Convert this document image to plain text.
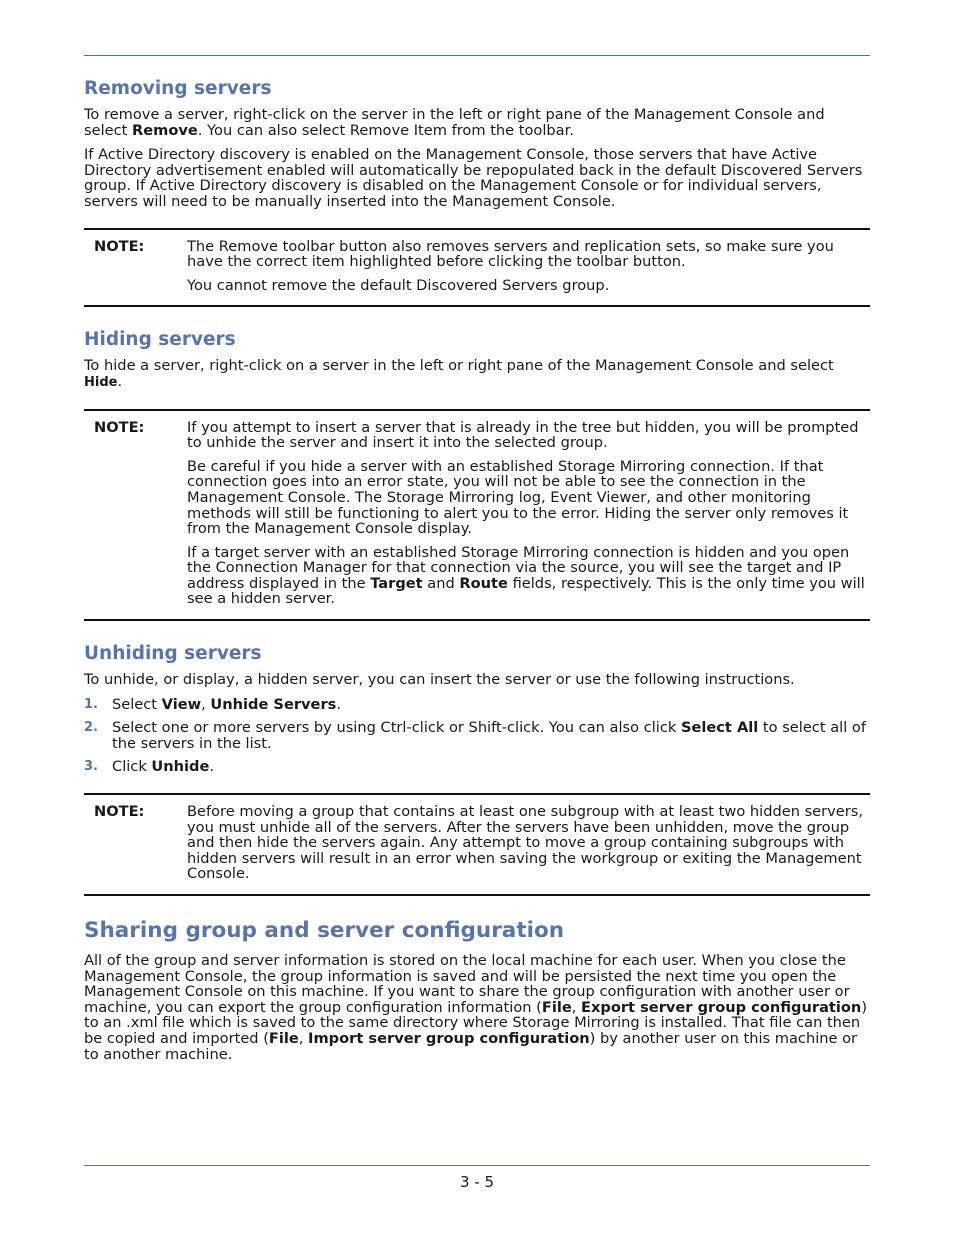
Removing servers

To remove a server, right-click on the server in the left or right pane of the Management Console and select Remove. You can also select Remove Item from the toolbar.

If Active Directory discovery is enabled on the Management Console, those servers that have Active Directory advertisement enabled will automatically be repopulated back in the default Discovered Servers group. If Active Directory discovery is disabled on the Management Console or for individual servers, servers will need to be manually inserted into the Management Console.

NOTE:	The Remove toolbar button also removes servers and replication sets, so make sure you have the correct item highlighted before clicking the toolbar button.

You cannot remove the default Discovered Servers group.

Hiding servers

To hide a server, right-click on a server in the left or right pane of the Management Console and select
Hide.

NOTE:	If you attempt to insert a server that is already in the tree but hidden, you will be prompted to unhide the server and insert it into the selected group.

Be careful if you hide a server with an established Storage Mirroring connection. If that connection goes into an error state, you will not be able to see the connection in the Management Console. The Storage Mirroring log, Event Viewer, and other monitoring methods will still be functioning to alert you to the error. Hiding the server only removes it from the Management Console display.

If a target server with an established Storage Mirroring connection is hidden and you open the Connection Manager for that connection via the source, you will see the target and IP address displayed in the Target and Route fields, respectively. This is the only time you will see a hidden server.

Unhiding servers

To unhide, or display, a hidden server, you can insert the server or use the following instructions.

1. Select View, Unhide Servers.
2. Select one or more servers by using Ctrl-click or Shift-click. You can also click Select All to select all of the servers in the list.
3. Click Unhide.
NOTE:	Before moving a group that contains at least one subgroup with at least two hidden servers, you must unhide all of the servers. After the servers have been unhidden, move the group and then hide the servers again. Any attempt to move a group containing subgroups with hidden servers will result in an error when saving the workgroup or exiting the Management Console.

Sharing group and server configuration

All of the group and server information is stored on the local machine for each user. When you close the Management Console, the group information is saved and will be persisted the next time you open the Management Console on this machine. If you want to share the group configuration with another user or machine, you can export the group configuration information (File, Export server group configuration) to an .xml file which is saved to the same directory where Storage Mirroring is installed. That file can then be copied and imported (File, Import server group configuration) by another user on this machine or to another machine.

3 - 5
